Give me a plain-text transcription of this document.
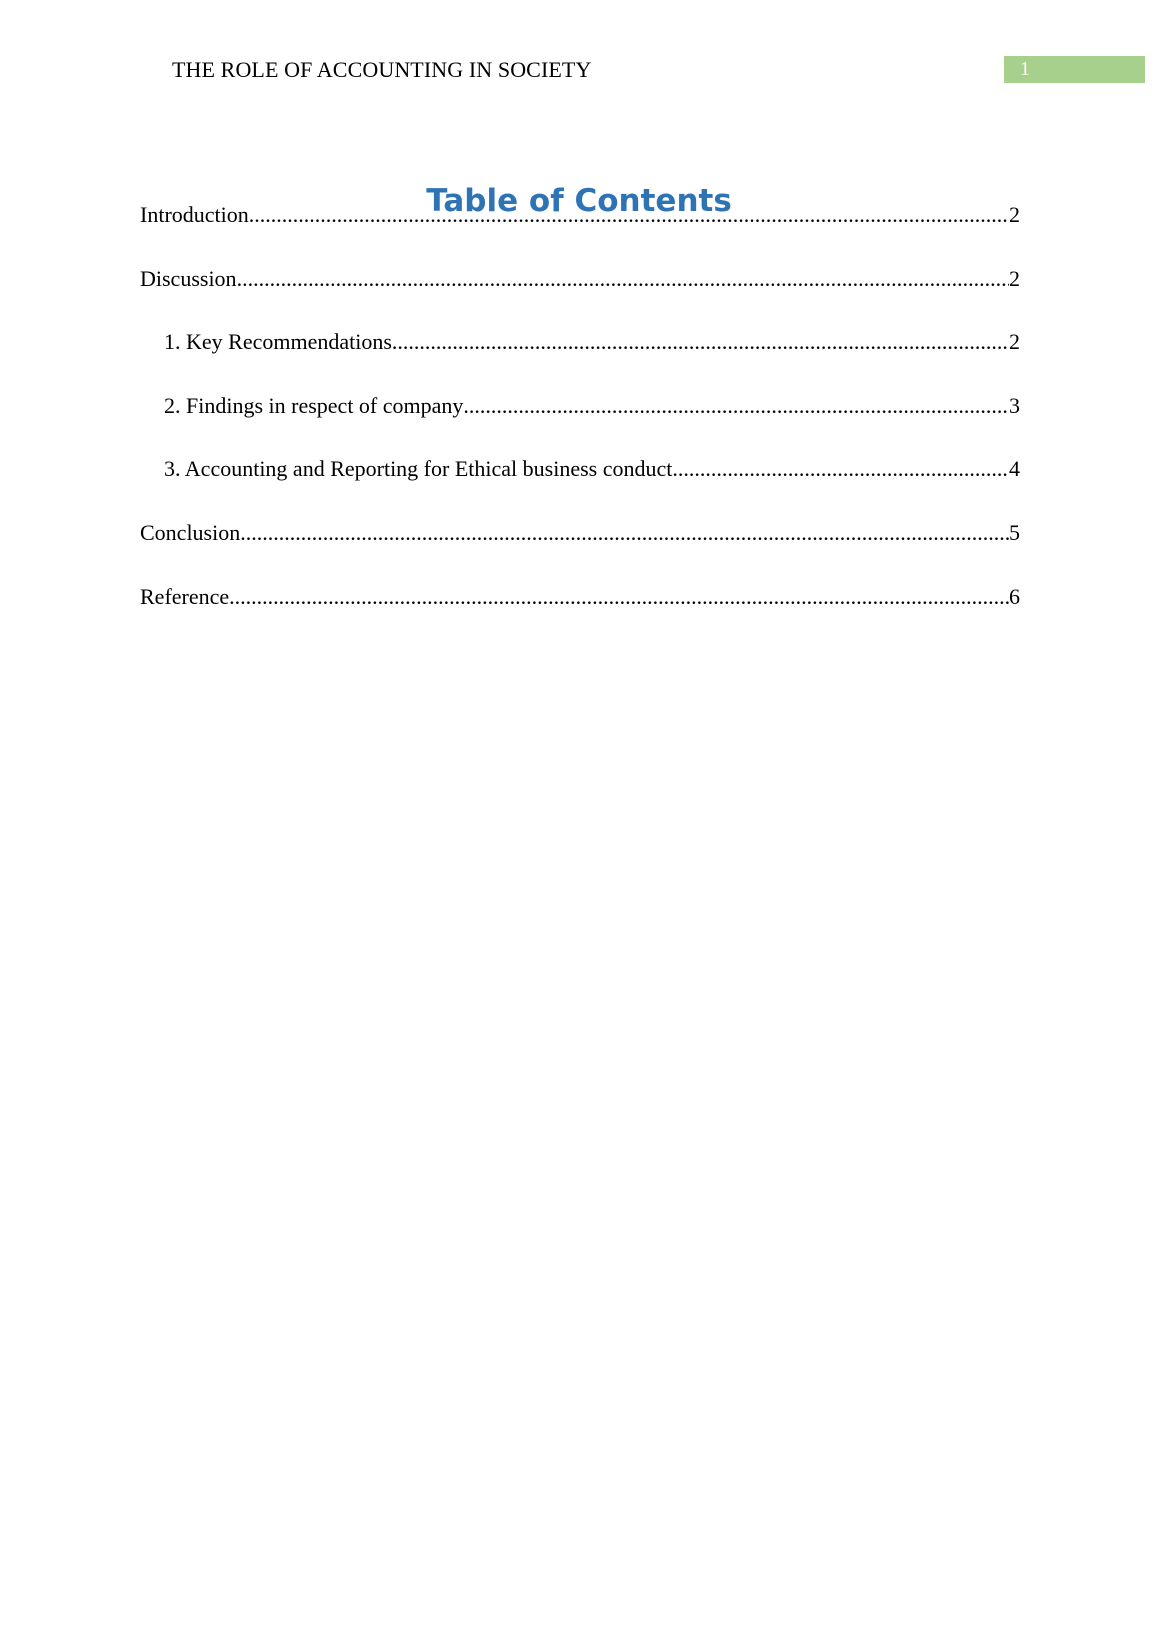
THE ROLE OF ACCOUNTING IN SOCIETY	1
Table of Contents
Introduction .....	2
Discussion .....	2
1. Key Recommendations .....	2
2. Findings in respect of company .....	3
3. Accounting and Reporting for Ethical business conduct .....	4
Conclusion .....	5
Reference .....	6
